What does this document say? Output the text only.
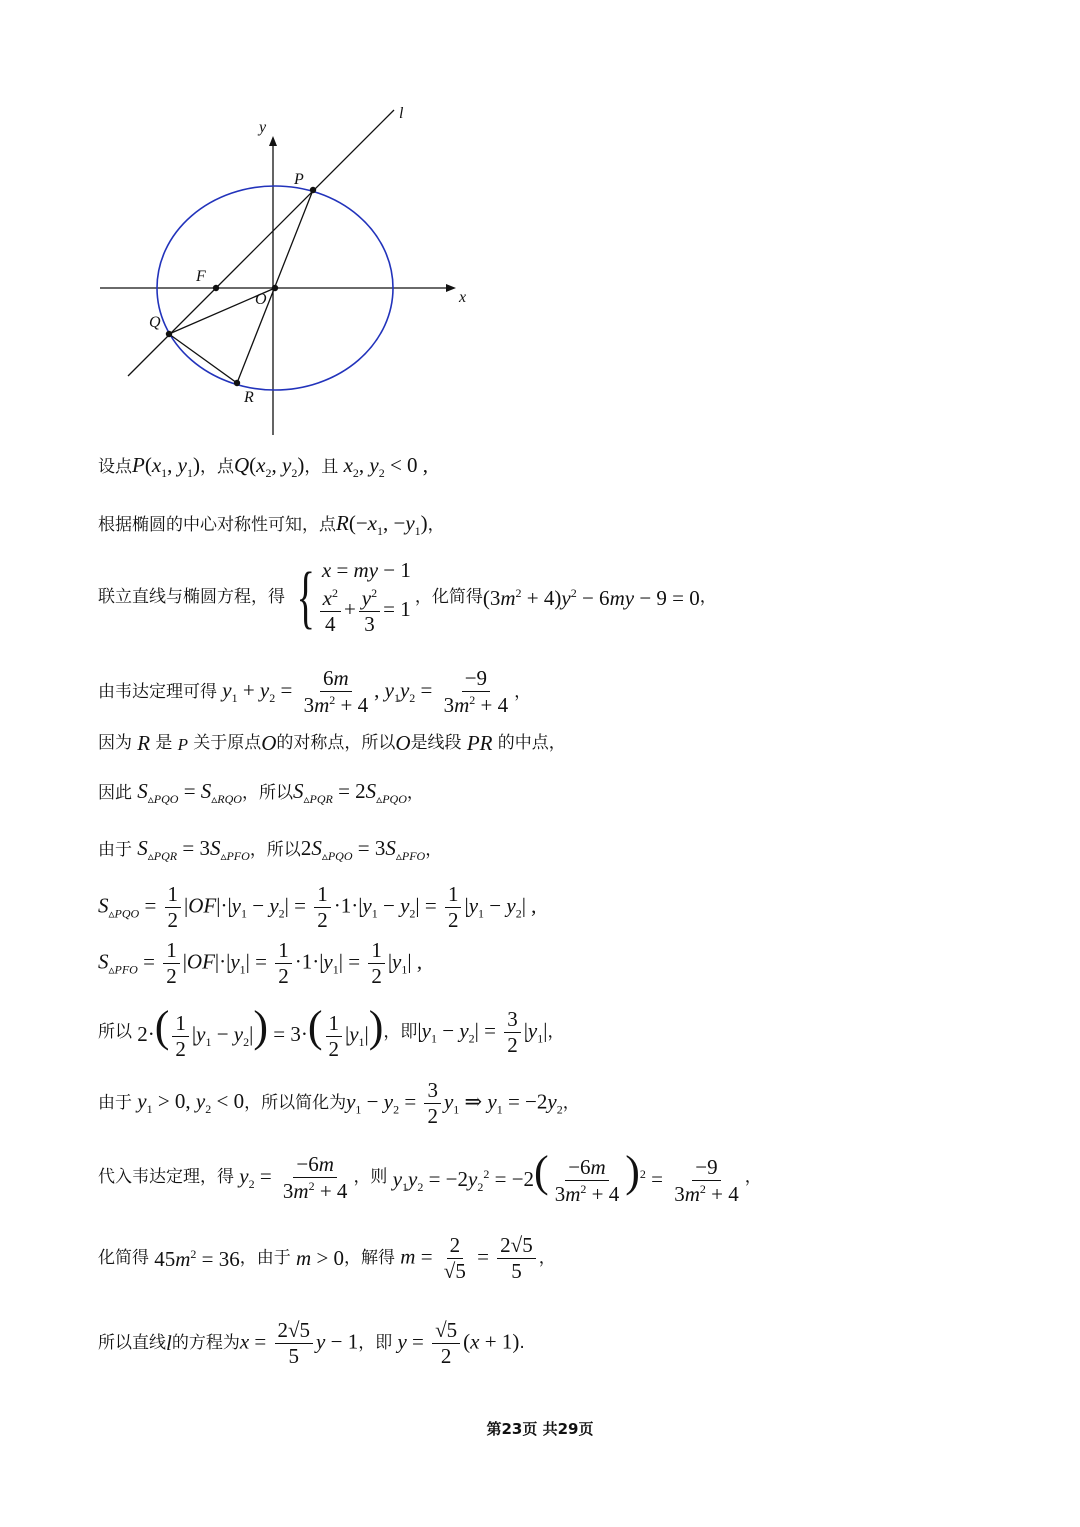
y
x
l
P
F
O
Q
R
设点 $P(x_1$, $y_1$) ，点 $Q(x_2$, $y_2$) ，且 $x_2$, $y_2 < 0$ ,
根据椭圆的中心对称性可知，点 $R(-x_1$, $-y_1$) ，
联立直线与椭圆方程，得 { x = my − 1
$\frac{x^2}{4} + \frac{y^2}{3} = 1$ ，化简得 $(3m^2 + 4)y^2 - 6my - 9 = 0$ ，
由韦达定理可得 $y_1 + y_2 = \frac{6m}{3m^2 + 4}$ , $y_1y_2 = \frac{-9}{3m^2 + 4}$ ，
因为 R 是 P 关于原点 O 的对称点，所以 O 是线段 PR 的中点，
因此 $S_{▵PQO} = S_{▵RQO}$ ，所以 $S_{▵PQR} = 2S_{▵PQO}$ ，
由于 $S_{▵PQR} = 3S_{▵PFO}$ ，所以 $2S_{▵PQO} = 3S_{▵PFO}$ ，
$S_{▵PQO} = \frac{1}{2} |OF|\cdot|y_1 - y_2| = \frac{1}{2} \cdot 1\cdot|y_1 - y_2| = \frac{1}{2} |y_1 - y_2|$ ,
$S_{▵PFO} = \frac{1}{2} |OF|\cdot|y_1| = \frac{1}{2} \cdot 1\cdot|y_1| = \frac{1}{2} |y_1|$ ,
所以 $2\cdot( \frac{1}{2} |y_1 - y_2|) = 3\cdot( \frac{1}{2} |y_1|)$ ，即 $|y_1 - y_2| = \frac{3}{2} |y_1|$ ，
由于 $y_1 > 0$, $y_2 < 0$ ，所以简化为 $y_1 - y_2 = \frac{3}{2} y_1$ ⇒ $y_1 = -2y_2$ ，
代入韦达定理，得 $y_2 = \frac{-6m}{3m^2 + 4}$ ，则 $y_1y_2 = -2y_2^2 = -2( \frac{-6m}{3m^2 + 4} )^2 = \frac{-9}{3m^2 + 4}$ ，
化简得 $45m^2 = 36$ ，由于 m > 0 ，解得 $m = \frac{2}{√5} = \frac{2√5}{5}$ ，
所以直线 l 的方程为 $x = \frac{2√5}{5}$ y − 1 ，即 $y = \frac{√5}{2} (x + 1)$ .
第23页 共29页
